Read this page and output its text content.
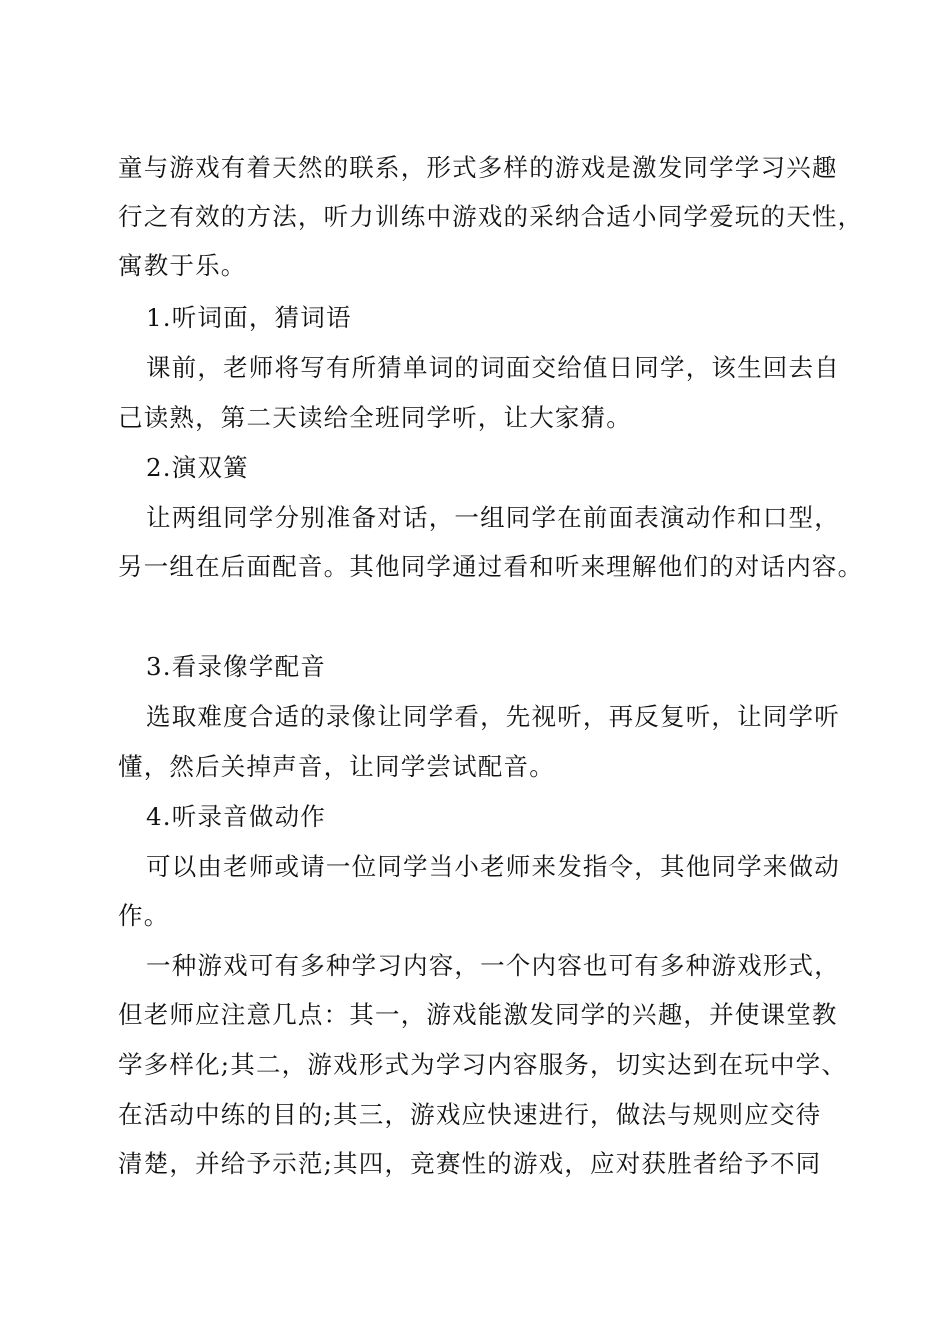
童与游戏有着天然的联系，形式多样的游戏是激发同学学习兴趣
行之有效的方法，听力训练中游戏的采纳合适小同学爱玩的天性，
寓教于乐。
1.听词面，猜词语
课前，老师将写有所猜单词的词面交给值日同学，该生回去自
己读熟，第二天读给全班同学听，让大家猜。
2.演双簧
让两组同学分别准备对话，一组同学在前面表演动作和口型，
另一组在后面配音。其他同学通过看和听来理解他们的对话内容。
3.看录像学配音
选取难度合适的录像让同学看，先视听，再反复听，让同学听
懂，然后关掉声音，让同学尝试配音。
4.听录音做动作
可以由老师或请一位同学当小老师来发指令，其他同学来做动
作。
一种游戏可有多种学习内容，一个内容也可有多种游戏形式，
但老师应注意几点：其一，游戏能激发同学的兴趣，并使课堂教
学多样化;其二，游戏形式为学习内容服务，切实达到在玩中学、
在活动中练的目的;其三，游戏应快速进行，做法与规则应交待
清楚，并给予示范;其四，竞赛性的游戏，应对获胜者给予不同
